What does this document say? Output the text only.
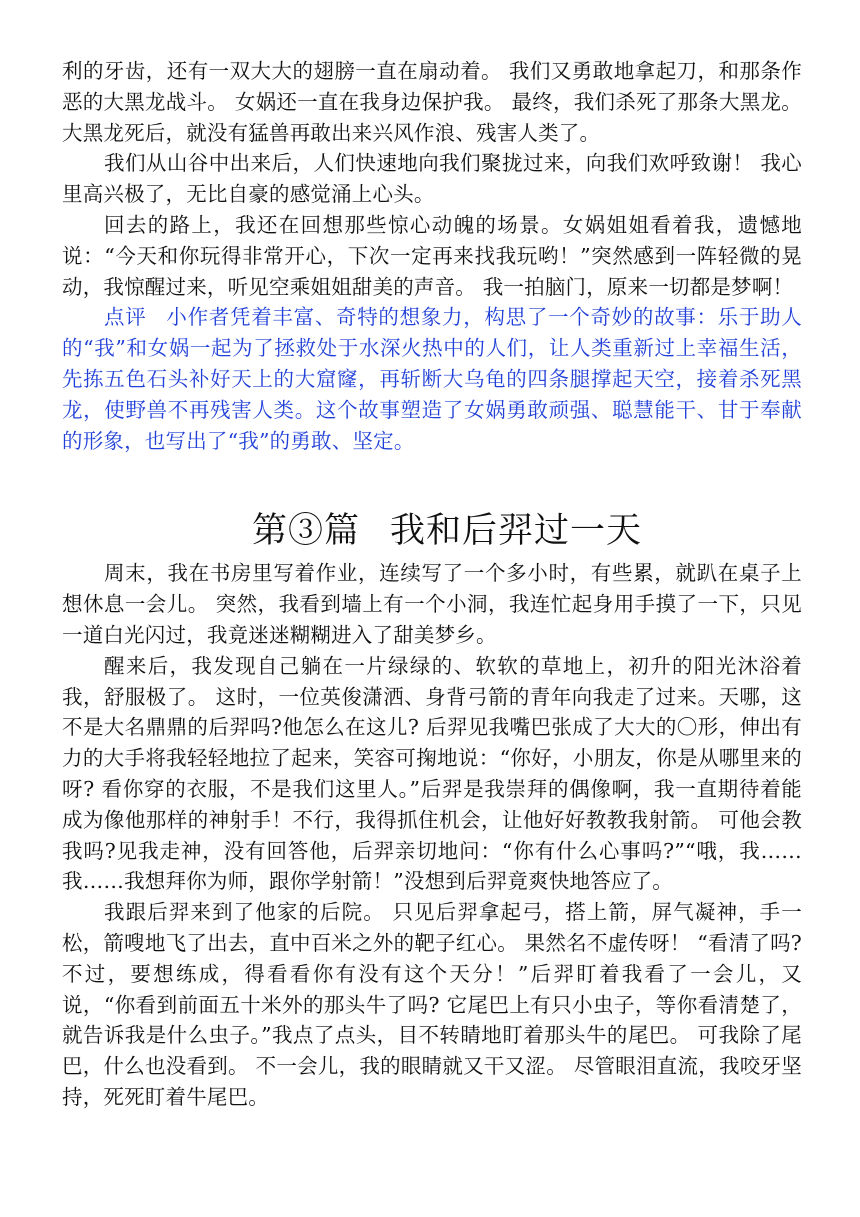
利的牙齿，还有一双大大的翅膀一直在扇动着。 我们又勇敢地拿起刀，和那条作恶的大黑龙战斗。 女娲还一直在我身边保护我。 最终，我们杀死了那条大黑龙。大黑龙死后，就没有猛兽再敢出来兴风作浪、残害人类了。

我们从山谷中出来后，人们快速地向我们聚拢过来，向我们欢呼致谢！ 我心里高兴极了，无比自豪的感觉涌上心头。

回去的路上，我还在回想那些惊心动魄的场景。女娲姐姐看着我，遗憾地说：“今天和你玩得非常开心，下次一定再来找我玩哟！”突然感到一阵轻微的晃动，我惊醒过来，听见空乘姐姐甜美的声音。 我一拍脑门，原来一切都是梦啊！

点评 小作者凭着丰富、奇特的想象力，构思了一个奇妙的故事：乐于助人的“我”和女娲一起为了拯救处于水深火热中的人们，让人类重新过上幸福生活，先拣五色石头补好天上的大窟窿，再斩断大乌龟的四条腿撑起天空，接着杀死黑龙，使野兽不再残害人类。这个故事塑造了女娲勇敢顽强、聪慧能干、甘于奉献的形象，也写出了“我”的勇敢、坚定。

第③篇 我和后羿过一天

周末，我在书房里写着作业，连续写了一个多小时，有些累，就趴在桌子上想休息一会儿。 突然，我看到墙上有一个小洞，我连忙起身用手摸了一下，只见一道白光闪过，我竟迷迷糊糊进入了甜美梦乡。

醒来后，我发现自己躺在一片绿绿的、软软的草地上，初升的阳光沐浴着我，舒服极了。 这时，一位英俊潇洒、身背弓箭的青年向我走了过来。天哪，这不是大名鼎鼎的后羿吗?他怎么在这儿? 后羿见我嘴巴张成了大大的〇形，伸出有力的大手将我轻轻地拉了起来，笑容可掬地说：“你好，小朋友，你是从哪里来的呀? 看你穿的衣服，不是我们这里人。”后羿是我崇拜的偶像啊，我一直期待着能成为像他那样的神射手！不行，我得抓住机会，让他好好教教我射箭。 可他会教我吗?见我走神，没有回答他，后羿亲切地问：“你有什么心事吗?”“哦，我……我……我想拜你为师，跟你学射箭！”没想到后羿竟爽快地答应了。

我跟后羿来到了他家的后院。 只见后羿拿起弓，搭上箭，屏气凝神，手一松，箭嗖地飞了出去，直中百米之外的靶子红心。 果然名不虚传呀！ “看清了吗?不过，要想练成，得看看你有没有这个天分！”后羿盯着我看了一会儿，又说，“你看到前面五十米外的那头牛了吗? 它尾巴上有只小虫子，等你看清楚了，就告诉我是什么虫子。”我点了点头，目不转睛地盯着那头牛的尾巴。 可我除了尾巴，什么也没看到。 不一会儿，我的眼睛就又干又涩。 尽管眼泪直流，我咬牙坚持，死死盯着牛尾巴。
